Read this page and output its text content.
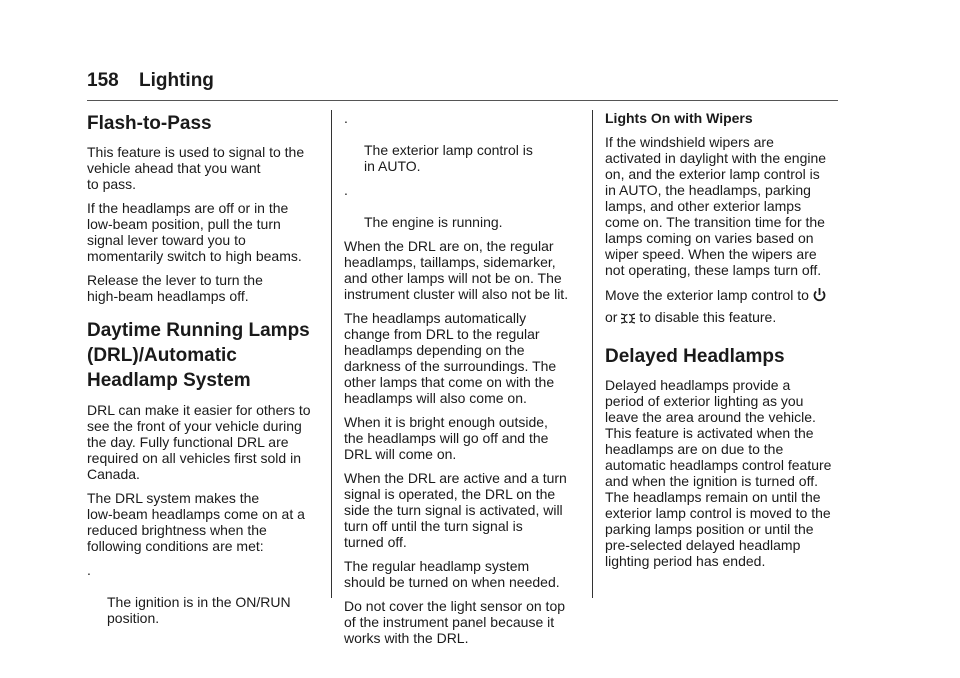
158 Lighting
Flash-to-Pass

This feature is used to signal to the
vehicle ahead that you want
to pass.

If the headlamps are off or in the
low-beam position, pull the turn
signal lever toward you to
momentarily switch to high beams.

Release the lever to turn the
high-beam headlamps off.

Daytime Running Lamps
(DRL)/Automatic
Headlamp System

DRL can make it easier for others to
see the front of your vehicle during
the day. Fully functional DRL are
required on all vehicles first sold in
Canada.

The DRL system makes the
low-beam headlamps come on at a
reduced brightness when the
following conditions are met:

.

The ignition is in the ON/RUN
position.

.

The exterior lamp control is
in AUTO.

.

The engine is running.

When the DRL are on, the regular
headlamps, taillamps, sidemarker,
and other lamps will not be on. The
instrument cluster will also not be lit.

The headlamps automatically
change from DRL to the regular
headlamps depending on the
darkness of the surroundings. The
other lamps that come on with the
headlamps will also come on.

When it is bright enough outside,
the headlamps will go off and the
DRL will come on.

When the DRL are active and a turn
signal is operated, the DRL on the
side the turn signal is activated, will
turn off until the turn signal is
turned off.

The regular headlamp system
should be turned on when needed.

Do not cover the light sensor on top
of the instrument panel because it
works with the DRL.

Lights On with Wipers

If the windshield wipers are
activated in daylight with the engine
on, and the exterior lamp control is
in AUTO, the headlamps, parking
lamps, and other exterior lamps
come on. The transition time for the
lamps coming on varies based on
wiper speed. When the wipers are
not operating, these lamps turn off.

Move the exterior lamp control to
or  to disable this feature.

Delayed Headlamps

Delayed headlamps provide a
period of exterior lighting as you
leave the area around the vehicle.
This feature is activated when the
headlamps are on due to the
automatic headlamps control feature
and when the ignition is turned off.
The headlamps remain on until the
exterior lamp control is moved to the
parking lamps position or until the
pre-selected delayed headlamp
lighting period has ended.
